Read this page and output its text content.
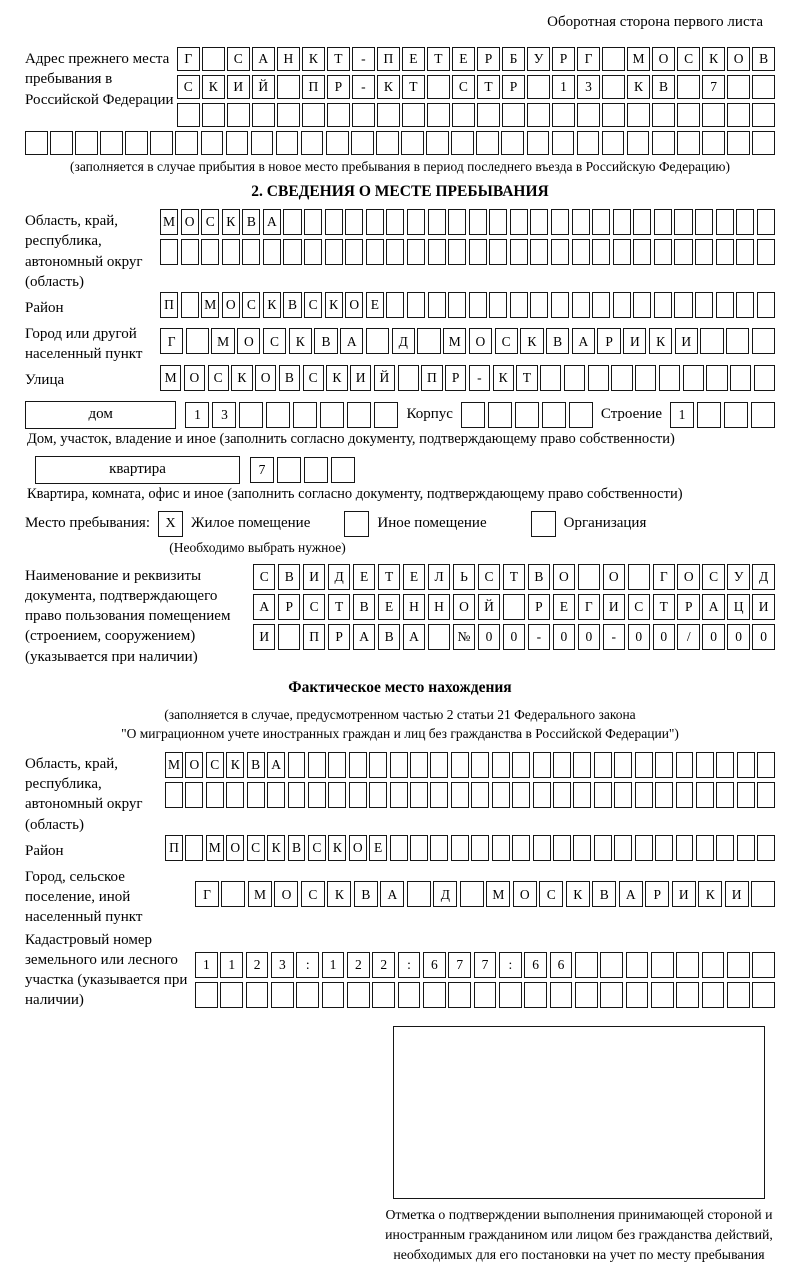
Оборотная сторона первого листа
Адрес прежнего места пребывания в Российской Федерации
Г	С	А	Н	К	Т	-	П	Е	Т	Е	Р	Б	У	Р	Г	М	О	С	К	О	В
С	К	И	Й	П	Р	-	К	Т	С	Т	Р	1	3	К	В	7
(заполняется в случае прибытия в новое место пребывания в период последнего въезда в Российскую Федерацию)
2. СВЕДЕНИЯ О МЕСТЕ ПРЕБЫВАНИЯ
Область, край, республика, автономный округ (область)
М О С К В А
Район	П	М О С К В С К О Е
Город или другой населенный пункт
Г	М	О	С	К	В	А	Д	М	О	С	К	В	А	Р	И	К	И
Улица	М О	С	К	О	В	С	К	И	Й	П	Р	-	К	Т
дом	1	3	Корпус	Строение	1
Дом, участок, владение и иное (заполнить согласно документу, подтверждающему право собственности)
квартира	7
Квартира, комната, офис и иное (заполнить согласно документу, подтверждающему право собственности)
Место пребывания:	X	Жилое помещение	Иное помещение	Организация
(Необходимо выбрать нужное)
Наименование и реквизиты документа, подтверждающего право пользования помещением (строением, сооружением) (указывается при наличии)
С	В	И	Д	Е	Т	Е	Л	Ь	С	Т	В	О	О	Г	О	С	У	Д
А	Р	С	Т	В	Е	Н	Н	О	Й	Р	Е	Г	И	С	Т	Р	А	Ц	И
И	П	Р	А	В	А	№	0	0	-	0	0	-	0	0	/	0	0	0
Фактическое место нахождения
(заполняется в случае, предусмотренном частью 2 статьи 21 Федерального закона
"О миграционном учете иностранных граждан и лиц без гражданства в Российской Федерации")
Область, край, республика, автономный округ (область)
М О С К В А
Район	П	М О С К В С К О Е
Город, сельское поселение, иной населенный пункт
Г	М	О	С	К	В	А	Д	М	О	С	К	В	А	Р	И	К	И
Кадастровый номер земельного или лесного участка (указывается при наличии)
1	1	2	3	:	1	2	2	:	6	7	7	:	6	6
Отметка о подтверждении выполнения принимающей стороной и иностранным гражданином или лицом без гражданства действий, необходимых для его постановки на учет по месту пребывания
